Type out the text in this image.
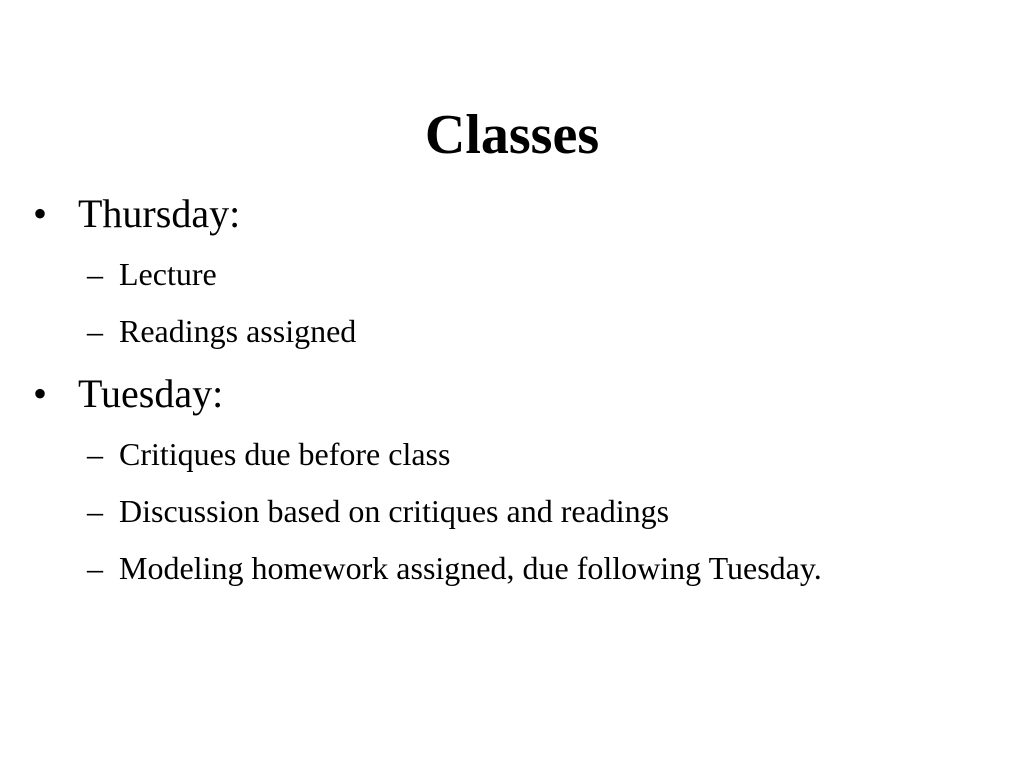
Classes
• Thursday:
– Lecture
– Readings assigned
• Tuesday:
– Critiques due before class
– Discussion based on critiques and readings
– Modeling homework assigned, due following Tuesday.
